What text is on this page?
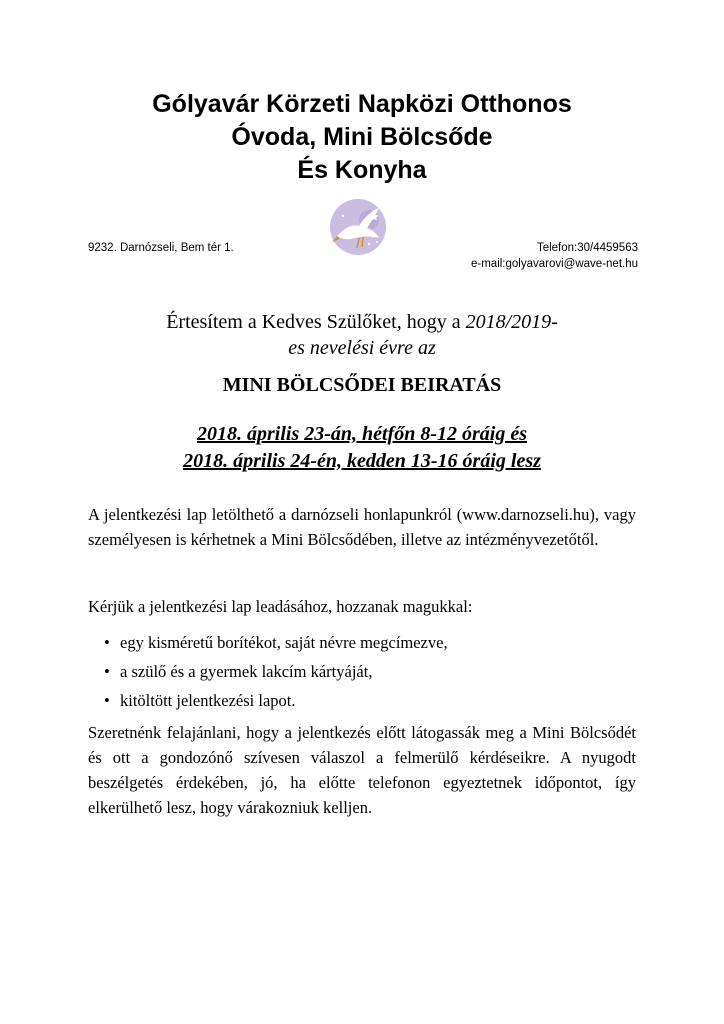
Gólyavár Körzeti Napközi Otthonos
Óvoda, Mini Bölcsőde
És Konyha
9232. Darnózseli, Bem tér 1.	Telefon:30/4459563
e-mail:golyavarovi@wave-net.hu
Értesítem a Kedves Szülőket, hogy a 2018/2019-
es nevelési évre az
MINI BÖLCSŐDEI BEIRATÁS
2018. április 23-án, hétfőn 8-12 óráig és
2018. április 24-én, kedden 13-16 óráig lesz
A jelentkezési lap letölthető a darnózseli honlapunkról (www.darnozseli.hu), vagy személyesen is kérhetnek a Mini Bölcsődében, illetve az intézményvezetőtől.
Kérjük a jelentkezési lap leadásához, hozzanak magukkal:
• egy kisméretű borítékot, saját névre megcímezve,
• a szülő és a gyermek lakcím kártyáját,
• kitöltött jelentkezési lapot.
Szeretnénk felajánlani, hogy a jelentkezés előtt látogassák meg a Mini Bölcsődét és ott a gondozónő szívesen válaszol a felmerülő kérdéseikre. A nyugodt beszélgetés érdekében, jó, ha előtte telefonon egyeztetnek időpontot, így elkerülhető lesz, hogy várakozniuk kelljen.
